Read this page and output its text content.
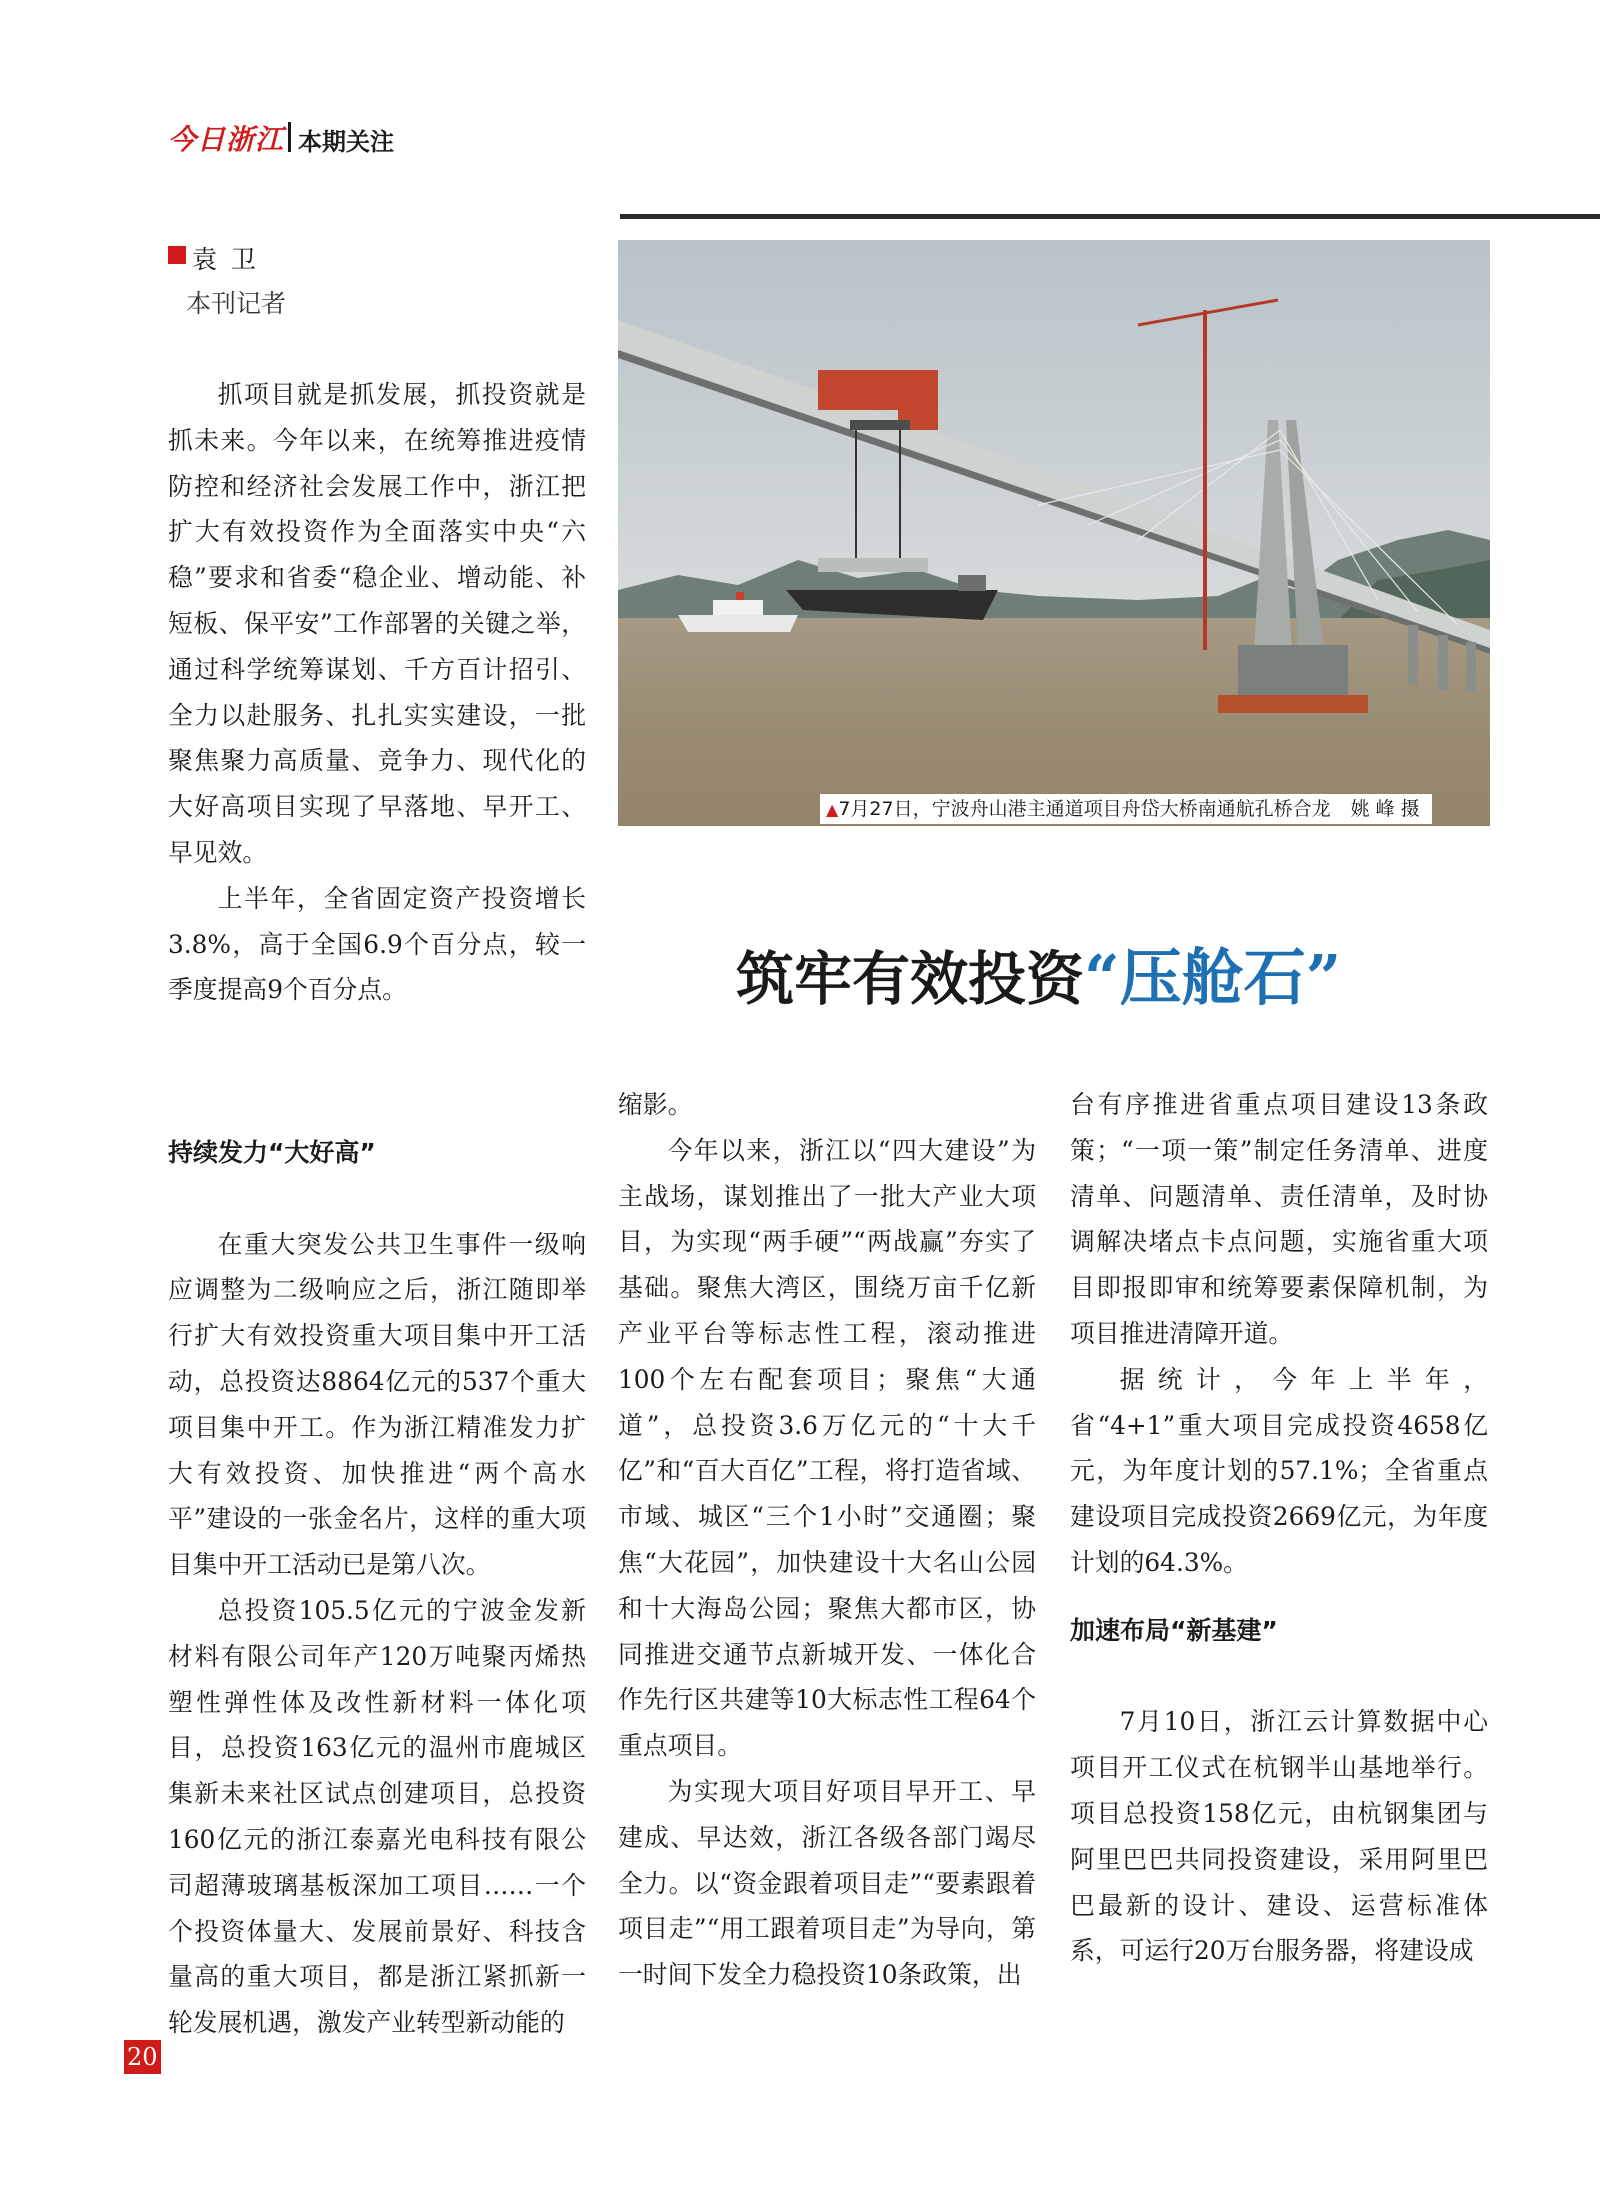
今日浙江 本期关注
袁卫
本刊记者
▲7月27日，宁波舟山港主通道项目舟岱大桥南通航孔桥合龙 姚峰摄
筑牢有效投资“压舱石”

抓项目就是抓发展，抓投资就是抓未来。今年以来，在统筹推进疫情防控和经济社会发展工作中，浙江把扩大有效投资作为全面落实中央“六稳”要求和省委“稳企业、增动能、补短板、保平安”工作部署的关键之举，通过科学统筹谋划、千方百计招引、全力以赴服务、扎扎实实建设，一批聚焦聚力高质量、竞争力、现代化的大好高项目实现了早落地、早开工、早见效。

上半年，全省固定资产投资增长3.8%，高于全国6.9个百分点，较一季度提高9个百分点。

持续发力“大好高”

在重大突发公共卫生事件一级响应调整为二级响应之后，浙江随即举行扩大有效投资重大项目集中开工活动，总投资达8864亿元的537个重大项目集中开工。作为浙江精准发力扩大有效投资、加快推进“两个高水平”建设的一张金名片，这样的重大项目集中开工活动已是第八次。

总投资105.5亿元的宁波金发新材料有限公司年产120万吨聚丙烯热塑性弹性体及改性新材料一体化项目，总投资163亿元的温州市鹿城区集新未来社区试点创建项目，总投资160亿元的浙江泰嘉光电科技有限公司超薄玻璃基板深加工项目……一个个投资体量大、发展前景好、科技含量高的重大项目，都是浙江紧抓新一轮发展机遇，激发产业转型新动能的

缩影。

今年以来，浙江以“四大建设”为主战场，谋划推出了一批大产业大项目，为实现“两手硬”“两战赢”夯实了基础。聚焦大湾区，围绕万亩千亿新产业平台等标志性工程，滚动推进100个左右配套项目；聚焦“大通道”，总投资3.6万亿元的“十大千亿”和“百大百亿”工程，将打造省域、市域、城区“三个1小时”交通圈；聚焦“大花园”，加快建设十大名山公园和十大海岛公园；聚焦大都市区，协同推进交通节点新城开发、一体化合作先行区共建等10大标志性工程64个重点项目。

为实现大项目好项目早开工、早建成、早达效，浙江各级各部门竭尽全力。以“资金跟着项目走”“要素跟着项目走”“用工跟着项目走”为导向，第一时间下发全力稳投资10条政策，出

台有序推进省重点项目建设13条政策；“一项一策”制定任务清单、进度清单、问题清单、责任清单，及时协调解决堵点卡点问题，实施省重大项目即报即审和统筹要素保障机制，为项目推进清障开道。

据统计，今年上半年，省“4+1”重大项目完成投资4658亿元，为年度计划的57.1%；全省重点建设项目完成投资2669亿元，为年度计划的64.3%。

加速布局“新基建”

7月10日，浙江云计算数据中心项目开工仪式在杭钢半山基地举行。项目总投资158亿元，由杭钢集团与阿里巴巴共同投资建设，采用阿里巴巴最新的设计、建设、运营标准体系，可运行20万台服务器，将建设成

20
